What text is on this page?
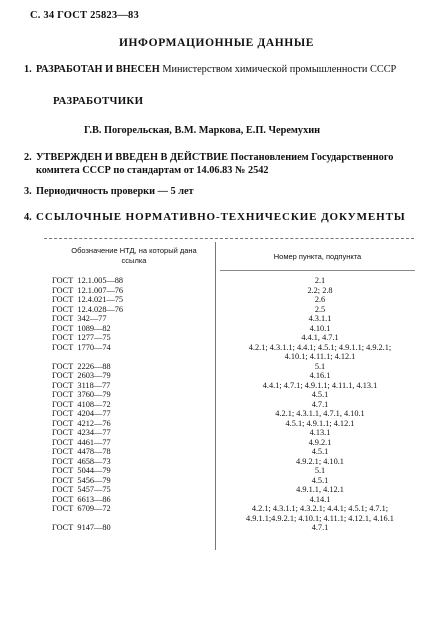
С. 34 ГОСТ 25823—83
ИНФОРМАЦИОННЫЕ ДАННЫЕ
1. РАЗРАБОТАН И ВНЕСЕН Министерством химической промышленности СССР
РАЗРАБОТЧИКИ
Г.В. Погорельская, В.М. Маркова, Е.П. Черемухин
2. УТВЕРЖДЕН И ВВЕДЕН В ДЕЙСТВИЕ Постановлением Государственного комитета СССР по стандартам от 14.06.83 № 2542
3. Периодичность проверки — 5 лет
4. ССЫЛОЧНЫЕ НОРМАТИВНО-ТЕХНИЧЕСКИЕ ДОКУМЕНТЫ
Обозначение НТД, на который дана ссылка	Номер пункта, подпункта
ГОСТ  12.1.005—88	2.1
ГОСТ  12.1.007—76	2.2; 2.8
ГОСТ  12.4.021—75	2.6
ГОСТ  12.4.028—76	2.5
ГОСТ  342—77	4.3.1.1
ГОСТ  1089—82	4.10.1
ГОСТ  1277—75	4.4.1, 4.7.1
ГОСТ  1770—74	4.2.1; 4.3.1.1; 4.4.1; 4.5.1; 4.9.1.1; 4.9.2.1;
4.10.1; 4.11.1; 4.12.1
ГОСТ  2226—88	5.1
ГОСТ  2603—79	4.16.1
ГОСТ  3118—77	4.4.1; 4.7.1; 4.9.1.1; 4.11.1, 4.13.1
ГОСТ  3760—79	4.5.1
ГОСТ  4108—72	4.7.1
ГОСТ  4204—77	4.2.1; 4.3.1.1, 4.7.1, 4.10.1
ГОСТ  4212—76	4.5.1; 4.9.1.1; 4.12.1
ГОСТ  4234—77	4.13.1
ГОСТ  4461—77	4.9.2.1
ГОСТ  4478—78	4.5.1
ГОСТ  4658—73	4.9.2.1; 4.10.1
ГОСТ  5044—79	5.1
ГОСТ  5456—79	4.5.1
ГОСТ  5457—75	4.9.1.1, 4.12.1
ГОСТ  6613—86	4.14.1
ГОСТ  6709—72	4.2.1; 4.3.1.1; 4.3.2.1; 4.4.1; 4.5.1; 4.7.1;
4.9.1.1;4.9.2.1; 4.10.1; 4.11.1; 4.12.1, 4.16.1
ГОСТ  9147—80	4.7.1
